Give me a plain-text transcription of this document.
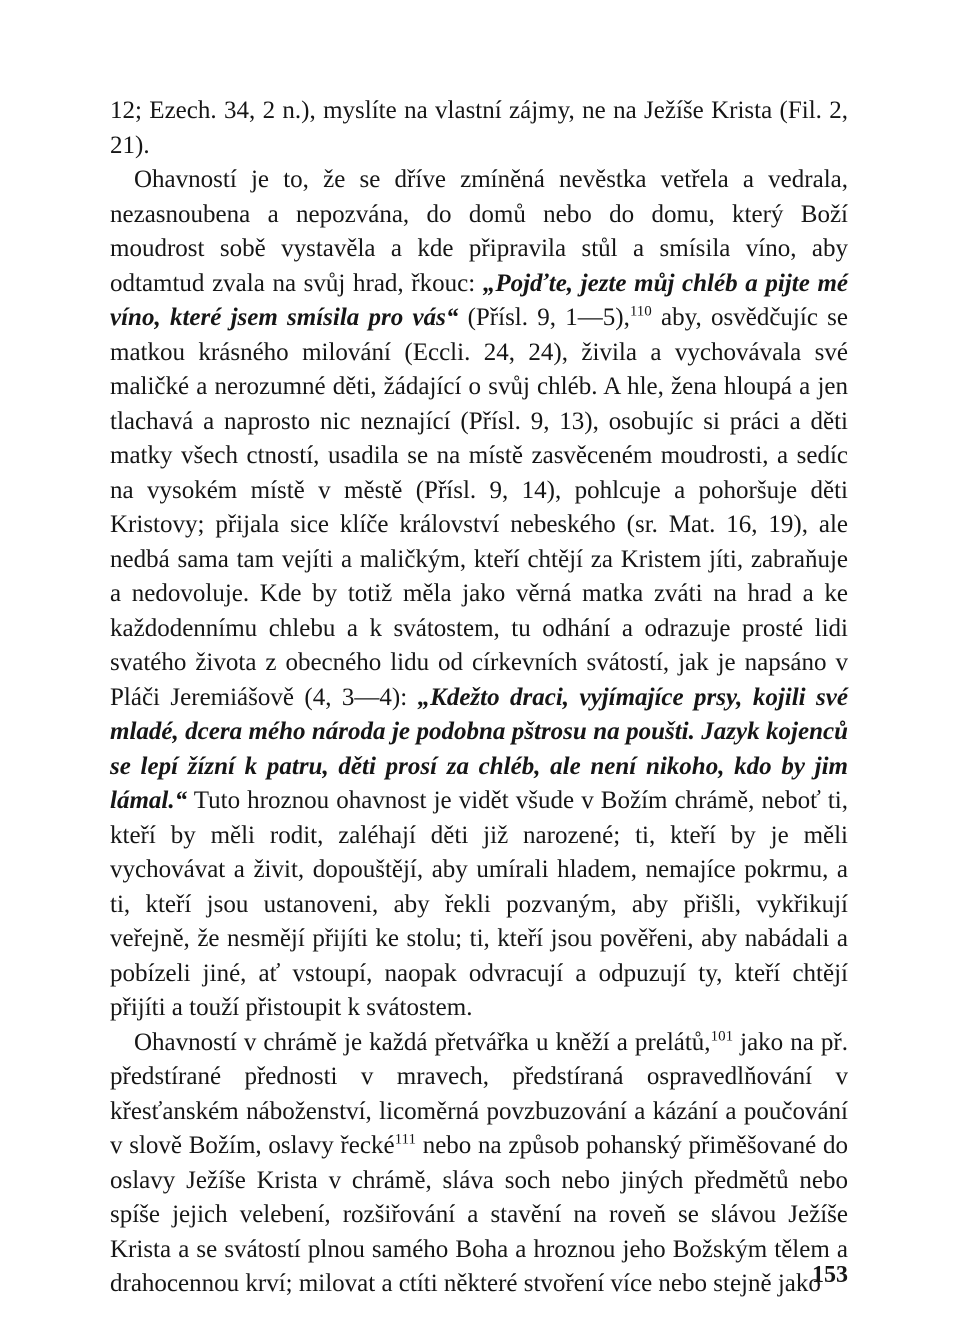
12; Ezech. 34, 2 n.), myslíte na vlastní zájmy, ne na Ježíše Krista (Fil. 2, 21).

Ohavností je to, že se dříve zmíněná nevěstka vetřela a vedrala, nezasnoubena a nepozvána, do domů nebo do domu, který Boží moudrost sobě vystavěla a kde připravila stůl a smísila víno, aby odtamtud zvala na svůj hrad, řkouc: „Pojďte, jezte můj chléb a pijte mé víno, které jsem smísila pro vás“ (Přísl. 9, 1—5),$^{110}$ aby, osvědčujíc se matkou krásného milování (Eccli. 24, 24), živila a vychovávala své maličké a nerozumné děti, žádající o svůj chléb. A hle, žena hloupá a jen tlachavá a naprosto nic neznající (Přísl. 9, 13), osobujíc si práci a děti matky všech ctností, usadila se na místě zasvěceném moudrosti, a sedíc na vysokém místě v městě (Přísl. 9, 14), pohlcuje a pohoršuje děti Kristovy; přijala sice klíče království nebeského (sr. Mat. 16, 19), ale nedbá sama tam vejíti a maličkým, kteří chtějí za Kristem jíti, zabraňuje a nedovoluje. Kde by totiž měla jako věrná matka zváti na hrad a ke každodennímu chlebu a k svátostem, tu odhání a odrazuje prosté lidi svatého života z obecného lidu od církevních svátostí, jak je napsáno v Pláči Jeremiášově (4, 3—4): „Kdežto draci, vyjímajíce prsy, kojili své mladé, dcera mého národa je podobna pštrosu na poušti. Jazyk kojenců se lepí žízní k patru, děti prosí za chléb, ale není nikoho, kdo by jim lámal.“ Tuto hroznou ohavnost je vidět všude v Božím chrámě, neboť ti, kteří by měli rodit, zaléhají děti již narozené; ti, kteří by je měli vychovávat a živit, dopouštějí, aby umírali hladem, nemajíce pokrmu, a ti, kteří jsou ustanoveni, aby řekli pozvaným, aby přišli, vykřikují veřejně, že nesmějí přijíti ke stolu; ti, kteří jsou pověřeni, aby nabádali a pobízeli jiné, ať vstoupí, naopak odvracují a odpuzují ty, kteří chtějí přijíti a touží přistoupit k svátostem.

Ohavností v chrámě je každá přetvářka u kněží a prelátů,$^{101}$ jako na př. předstírané přednosti v mravech, předstíraná ospravedlňování v křesťanském náboženství, licoměrná povzbuzování a kázání a poučování v slově Božím, oslavy řecké$^{111}$ nebo na způsob pohanský přiměšované do oslavy Ježíše Krista v chrámě, sláva soch nebo jiných předmětů nebo spíše jejich velebení, rozšiřování a stavění na roveň se slávou Ježíše Krista a se svátostí plnou samého Boha a hroznou jeho Božským tělem a drahocennou krví; milovat a ctíti některé stvoření více nebo stejně jako

153
